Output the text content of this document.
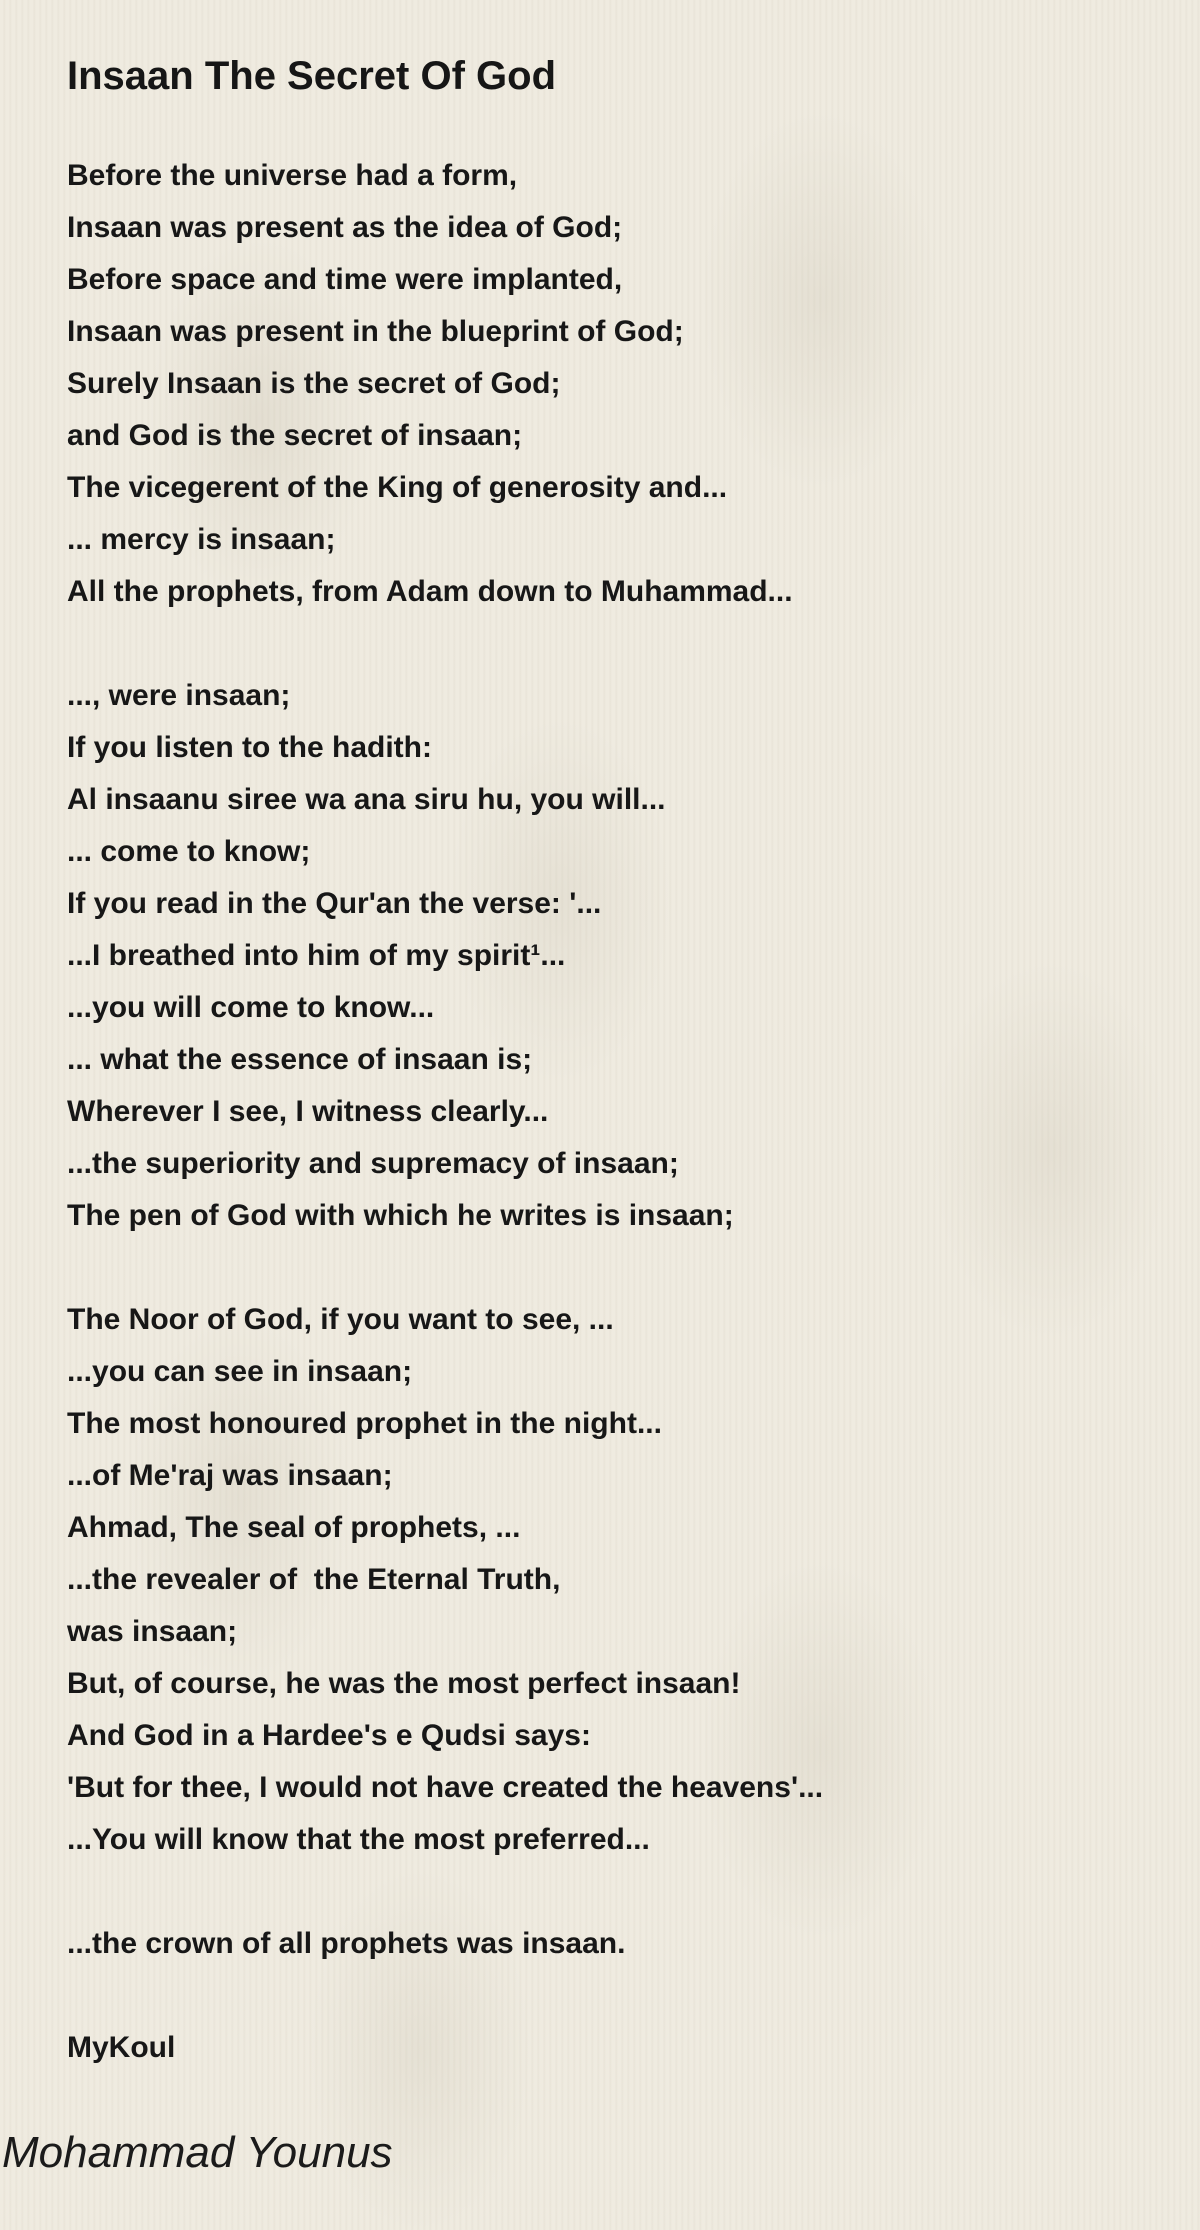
Insaan The Secret Of God
Before the universe had a form,
Insaan was present as the idea of God;
Before space and time were implanted,
Insaan was present in the blueprint of God;
Surely Insaan is the secret of God;
and God is the secret of insaan;
The vicegerent of the King of generosity and...
... mercy is insaan;
All the prophets, from Adam down to Muhammad...
..., were insaan;
If you listen to the hadith:
Al insaanu siree wa ana siru hu, you will...
... come to know;
If you read in the Qur'an the verse: '...
...I breathed into him of my spirit¹...
...you will come to know...
... what the essence of insaan is;
Wherever I see, I witness clearly...
...the superiority and supremacy of insaan;
The pen of God with which he writes is insaan;
The Noor of God, if you want to see, ...
...you can see in insaan;
The most honoured prophet in the night...
...of Me'raj was insaan;
Ahmad, The seal of prophets, ...
...the revealer of  the Eternal Truth,
was insaan;
But, of course, he was the most perfect insaan!
And God in a Hardee's e Qudsi says:
'But for thee, I would not have created the heavens'...
...You will know that the most preferred...
...the crown of all prophets was insaan.
MyKoul
Mohammad Younus
